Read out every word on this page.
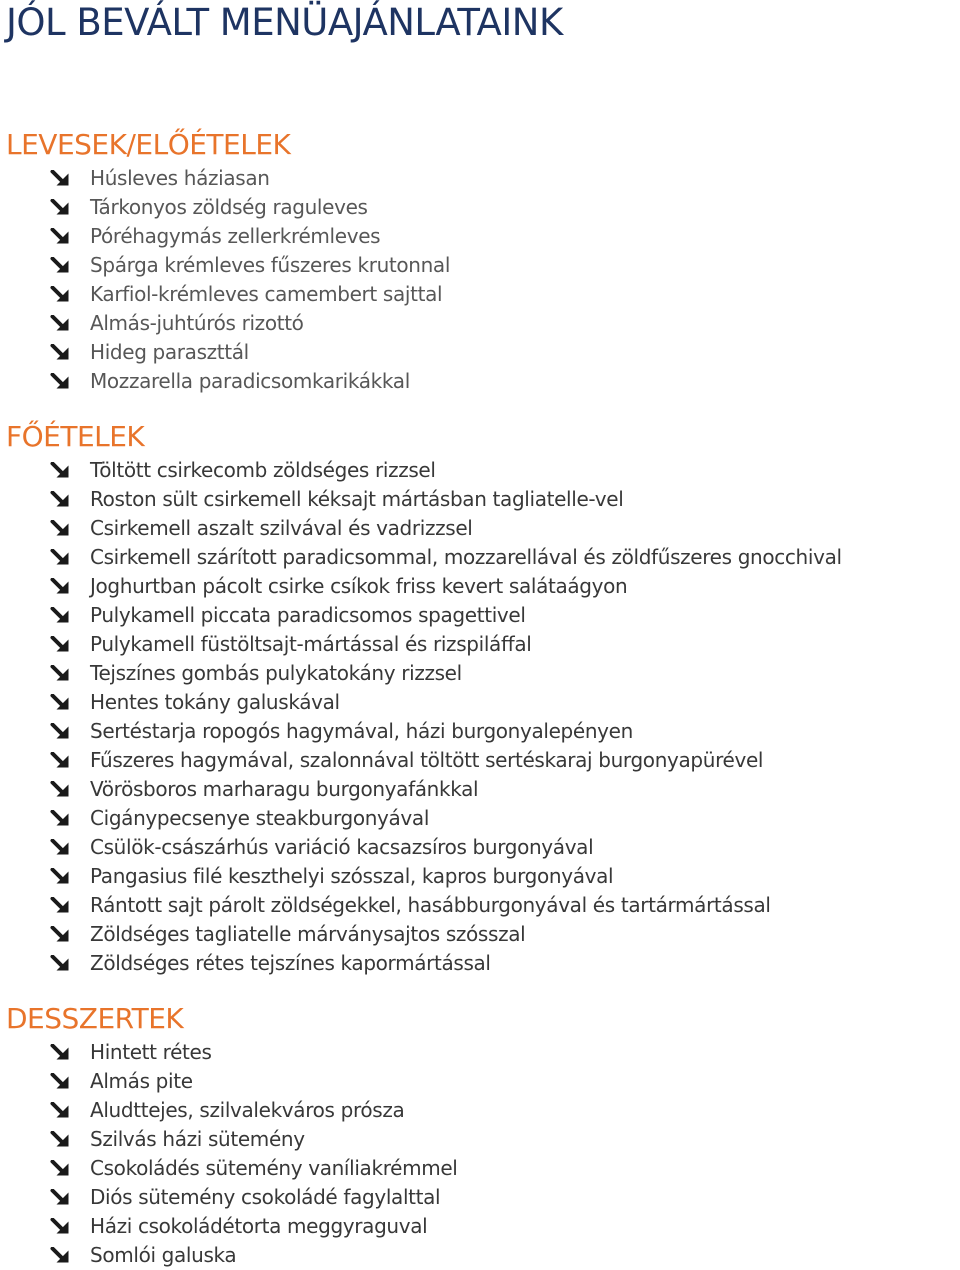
JÓL BEVÁLT MENÜAJÁNLATAINK
LEVESEK/ELŐÉTELEK
Húsleves háziasan
Tárkonyos zöldség raguleves
Póréhagymás zellerkrémleves
Spárga krémleves fűszeres krutonnal
Karfiol-krémleves camembert sajttal
Almás-juhtúrós rizottó
Hideg paraszttál
Mozzarella paradicsomkarikákkal
FŐÉTELEK
Töltött csirkecomb zöldséges rizzsel
Roston sült csirkemell kéksajt mártásban tagliatelle-vel
Csirkemell aszalt szilvával és vadrizzsel
Csirkemell szárított paradicsommal, mozzarellával és zöldfűszeres gnocchival
Joghurtban pácolt csirke csíkok friss kevert salátaágyon
Pulykamell piccata paradicsomos spagettivel
Pulykamell füstöltsajt-mártással és rizspiláffal
Tejszínes gombás pulykatokány rizzsel
Hentes tokány galuskával
Sertéstarja ropogós hagymával, házi burgonyalepényen
Fűszeres hagymával, szalonnával töltött sertéskaraj burgonyapürével
Vörösboros marharagu burgonyafánkkal
Cigánypecsenye steakburgonyával
Csülök-császárhús variáció kacsazsíros burgonyával
Pangasius filé keszthelyi szósszal, kapros burgonyával
Rántott sajt párolt zöldségekkel, hasábburgonyával és tartármártással
Zöldséges tagliatelle márványsajtos szósszal
Zöldséges rétes tejszínes kapormártással
DESSZERTEK
Hintett rétes
Almás pite
Aludttejes, szilvalekváros prósza
Szilvás házi sütemény
Csokoládés sütemény vaníliakrémmel
Diós sütemény csokoládé fagylalttal
Házi csokoládétorta meggyraguval
Somlói galuska
